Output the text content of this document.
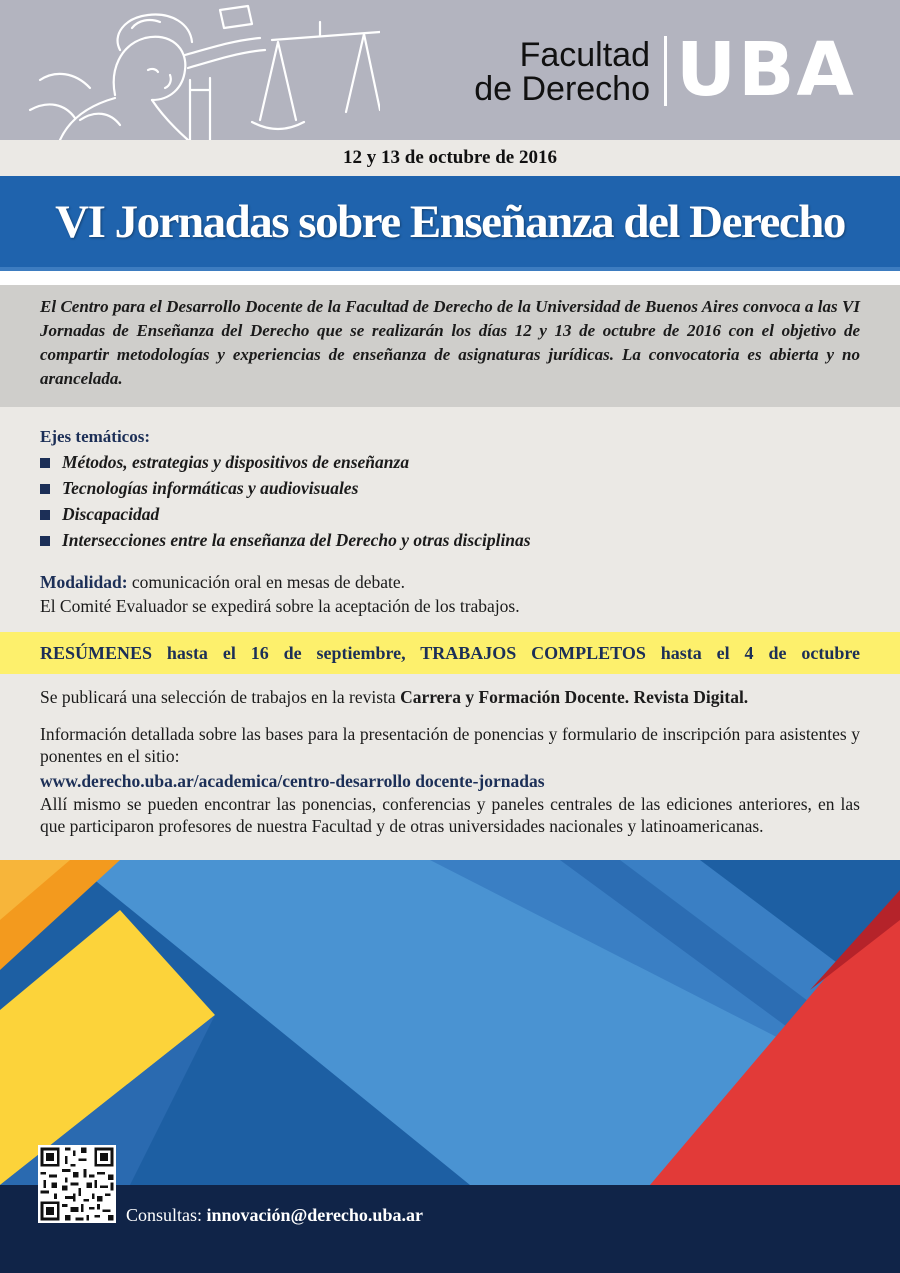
Facultad
de Derecho UBA
12 y 13 de octubre de 2016
VI Jornadas sobre Enseñanza del Derecho
El Centro para el Desarrollo Docente de la Facultad de Derecho de la Universidad de Buenos Aires convoca a las VI Jornadas de Enseñanza del Derecho que se realizarán los días 12 y 13 de octubre de 2016 con el objetivo de compartir metodologías y experiencias de enseñanza de asignaturas jurídicas. La convocatoria es abierta y no arancelada.
Ejes temáticos:
Métodos, estrategias y dispositivos de enseñanza
Tecnologías informáticas y audiovisuales
Discapacidad
Intersecciones entre la enseñanza del Derecho y otras disciplinas
Modalidad: comunicación oral en mesas de debate.
El Comité Evaluador se expedirá sobre la aceptación de los trabajos.
RESÚMENES hasta el 16 de septiembre, TRABAJOS COMPLETOS hasta el 4 de octubre
Se publicará una selección de trabajos en la revista Carrera y Formación Docente. Revista Digital.
Información detallada sobre las bases para la presentación de ponencias y formulario de inscripción para asistentes y ponentes en el sitio:
www.derecho.uba.ar/academica/centro-desarrollo docente-jornadas
Allí mismo se pueden encontrar las ponencias, conferencias y paneles centrales de las ediciones anteriores, en las que participaron profesores de nuestra Facultad y de otras universidades nacionales y latinoamericanas.
Consultas: innovación@derecho.uba.ar
